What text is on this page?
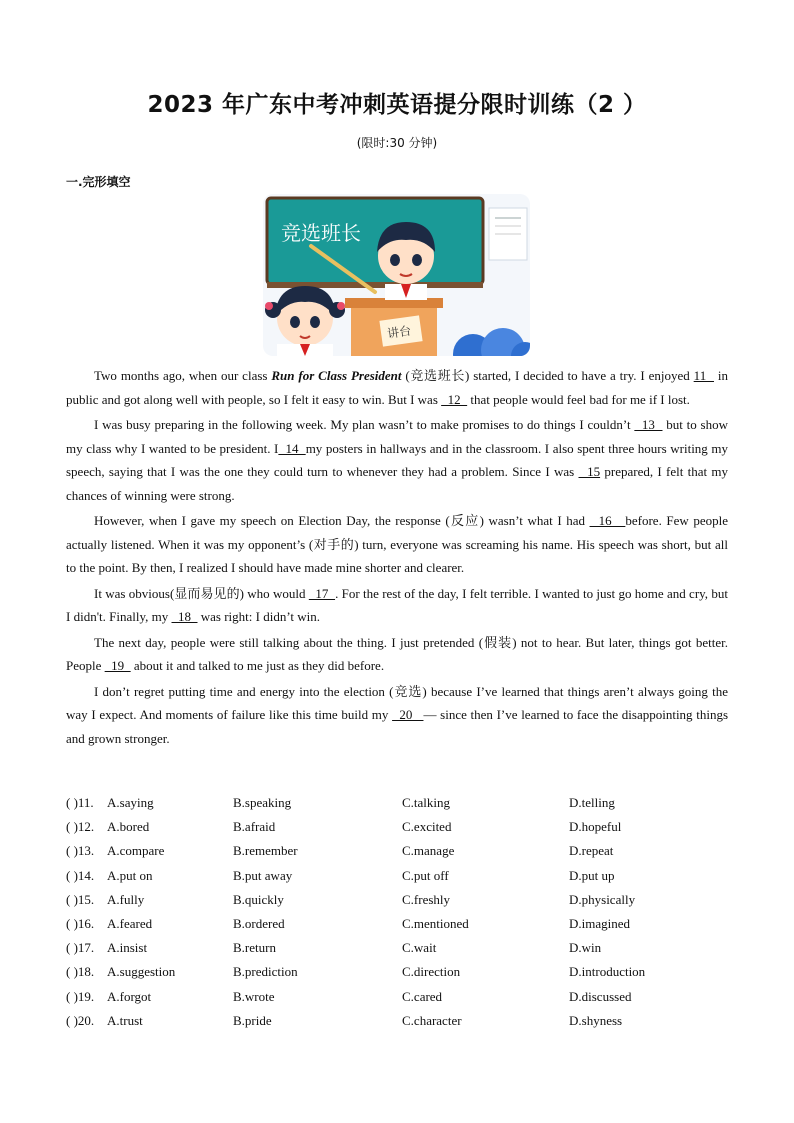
2023 年广东中考冲刺英语提分限时训练（2 ）
(限时:30 分钟)
一.完形填空
竞选班长
讲台

Two months ago, when our class Run for Class President (竞选班长) started, I decided to have a try. I enjoyed 11   in public and got along well with people, so I felt it easy to win. But I was   12   that people would feel bad for me if I lost.

I was busy preparing in the following week. My plan wasn’t to make promises to do things I couldn’t   13   but to show my class why I wanted to be president. I  14  my posters in hallways and in the classroom. I also spent three hours writing my speech, saying that I was the one they could turn to whenever they had a problem. Since I was   15 prepared, I felt that my chances of winning were strong.

However, when I gave my speech on Election Day, the response (反应) wasn’t what I had   16   before. Few people actually listened. When it was my opponent’s (对手的) turn, everyone was screaming his name. His speech was short, but all to the point. By then, I realized I should have made mine shorter and clearer.

It was obvious(显而易见的) who would   17  . For the rest of the day, I felt terrible. I wanted to just go home and cry, but I didn't. Finally, my   18   was right: I didn’t win.

The next day, people were still talking about the thing. I just pretended (假装) not to hear. But later, things got better. People   19   about it and talked to me just as they did before.

I don’t regret putting time and energy into the election (竞选) because I’ve learned that things aren’t always going the way I expect. And moments of failure like this time build my   20   — since then I’ve learned to face the disappointing things and grown stronger.

( )11. A.saying	B.speaking	C.talking	D.telling
( )12. A.bored	B.afraid	C.excited	D.hopeful
( )13. A.compare	B.remember	C.manage	D.repeat
( )14. A.put on	B.put away	C.put off	D.put up
( )15. A.fully	B.quickly	C.freshly	D.physically
( )16. A.feared	B.ordered	C.mentioned	D.imagined
( )17. A.insist	B.return	C.wait	D.win
( )18. A.suggestion	B.prediction	C.direction	D.introduction
( )19. A.forgot	B.wrote	C.cared	D.discussed
( )20. A.trust	B.pride	C.character	D.shyness
